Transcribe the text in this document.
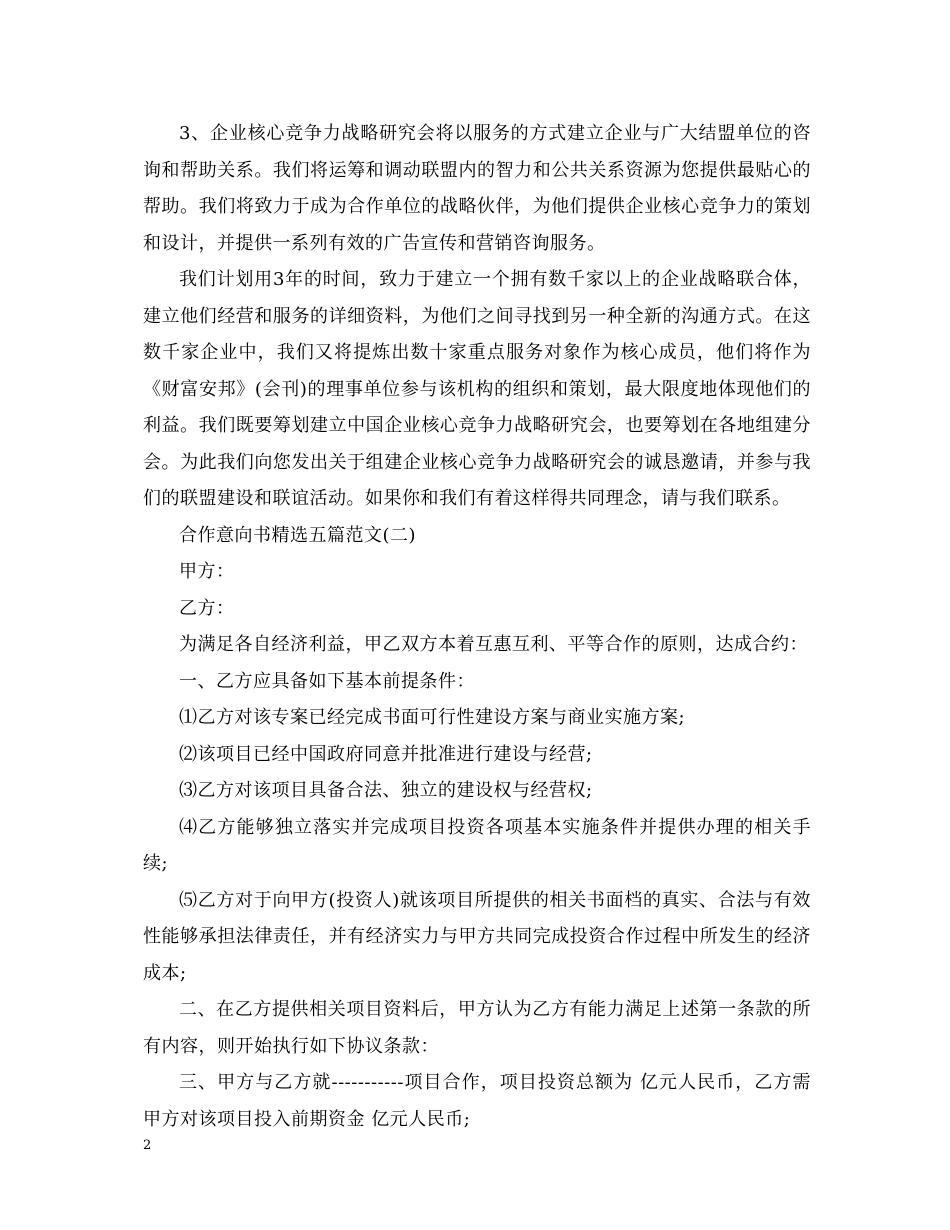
3、企业核心竞争力战略研究会将以服务的方式建立企业与广大结盟单位的咨询和帮助关系。我们将运筹和调动联盟内的智力和公共关系资源为您提供最贴心的帮助。我们将致力于成为合作单位的战略伙伴，为他们提供企业核心竞争力的策划和设计，并提供一系列有效的广告宣传和营销咨询服务。

我们计划用3年的时间，致力于建立一个拥有数千家以上的企业战略联合体，建立他们经营和服务的详细资料，为他们之间寻找到另一种全新的沟通方式。在这数千家企业中，我们又将提炼出数十家重点服务对象作为核心成员，他们将作为《财富安邦》(会刊)的理事单位参与该机构的组织和策划，最大限度地体现他们的利益。我们既要筹划建立中国企业核心竞争力战略研究会，也要筹划在各地组建分会。为此我们向您发出关于组建企业核心竞争力战略研究会的诚恳邀请，并参与我们的联盟建设和联谊活动。如果你和我们有着这样得共同理念，请与我们联系。

合作意向书精选五篇范文(二)

甲方：

乙方：

为满足各自经济利益，甲乙双方本着互惠互利、平等合作的原则，达成合约：

一、乙方应具备如下基本前提条件：

⑴乙方对该专案已经完成书面可行性建设方案与商业实施方案;

⑵该项目已经中国政府同意并批准进行建设与经营;

⑶乙方对该项目具备合法、独立的建设权与经营权;

⑷乙方能够独立落实并完成项目投资各项基本实施条件并提供办理的相关手续;

⑸乙方对于向甲方(投资人)就该项目所提供的相关书面档的真实、合法与有效性能够承担法律责任，并有经济实力与甲方共同完成投资合作过程中所发生的经济成本;

二、在乙方提供相关项目资料后，甲方认为乙方有能力满足上述第一条款的所有内容，则开始执行如下协议条款：

三、甲方与乙方就-----------项目合作，项目投资总额为 亿元人民币，乙方需甲方对该项目投入前期资金 亿元人民币;

2
